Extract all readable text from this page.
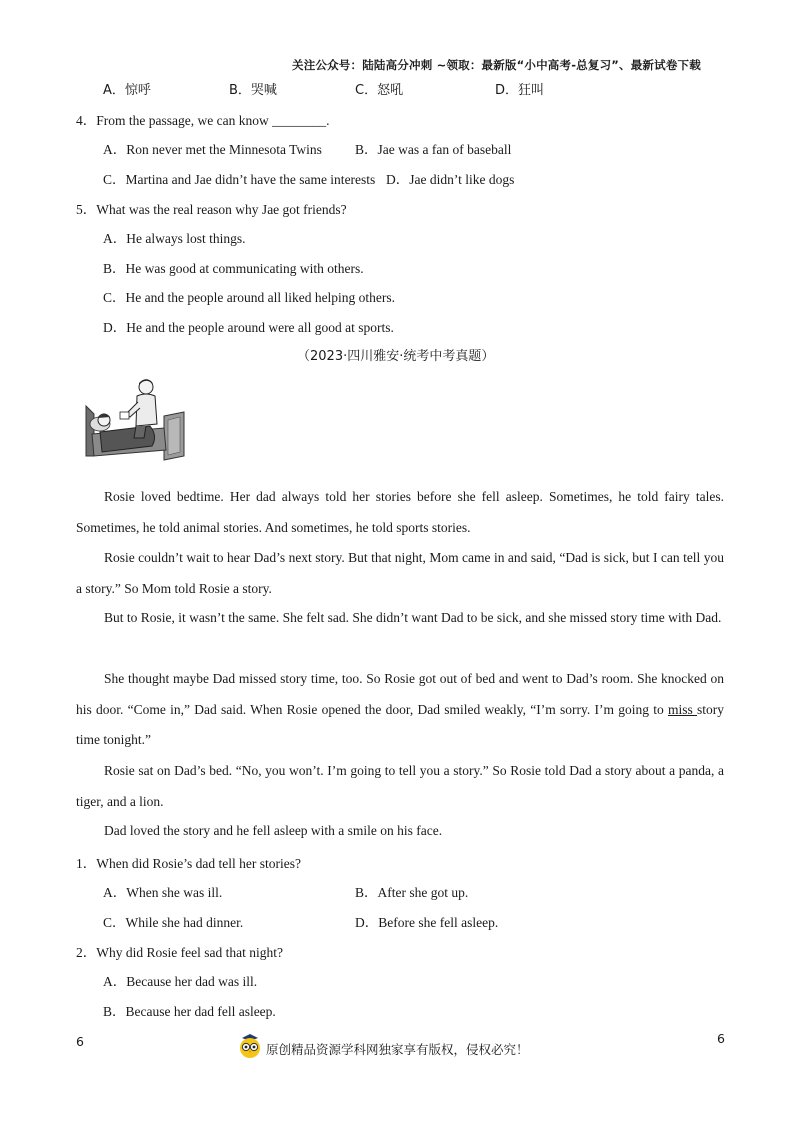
关注公众号：陆陆高分冲刺 ~领取：最新版“小中高考-总复习”、最新试卷下载
A．惊呼	B．哭喊	C．怒吼	D．狂叫
4．From the passage, we can know ________.
A．Ron never met the Minnesota Twins B．Jae was a fan of baseball
C．Martina and Jae didn’t have the same interests D．Jae didn’t like dogs
5．What was the real reason why Jae got friends?
A．He always lost things.
B．He was good at communicating with others.
C．He and the people around all liked helping others.
D．He and the people around were all good at sports.
（2023·四川雅安·统考中考真题）
Rosie loved bedtime. Her dad always told her stories before she fell asleep. Sometimes, he told fairy tales. Sometimes, he told animal stories. And sometimes, he told sports stories.
Rosie couldn’t wait to hear Dad’s next story. But that night, Mom came in and said, “Dad is sick, but I can tell you a story.” So Mom told Rosie a story.
But to Rosie, it wasn’t the same. She felt sad. She didn’t want Dad to be sick, and she missed story time with Dad.
She thought maybe Dad missed story time, too. So Rosie got out of bed and went to Dad’s room. She knocked on his door. “Come in,” Dad said. When Rosie opened the door, Dad smiled weakly, “I’m sorry. I’m going to miss story time tonight.”
Rosie sat on Dad’s bed. “No, you won’t. I’m going to tell you a story.” So Rosie told Dad a story about a panda, a tiger, and a lion.
Dad loved the story and he fell asleep with a smile on his face.
1．When did Rosie’s dad tell her stories?
A．When she was ill.	B．After she got up.
C．While she had dinner.	D．Before she fell asleep.
2．Why did Rosie feel sad that night?
A．Because her dad was ill.
B．Because her dad fell asleep.
6
原创精品资源学科网独家享有版权，侵权必究！
6
